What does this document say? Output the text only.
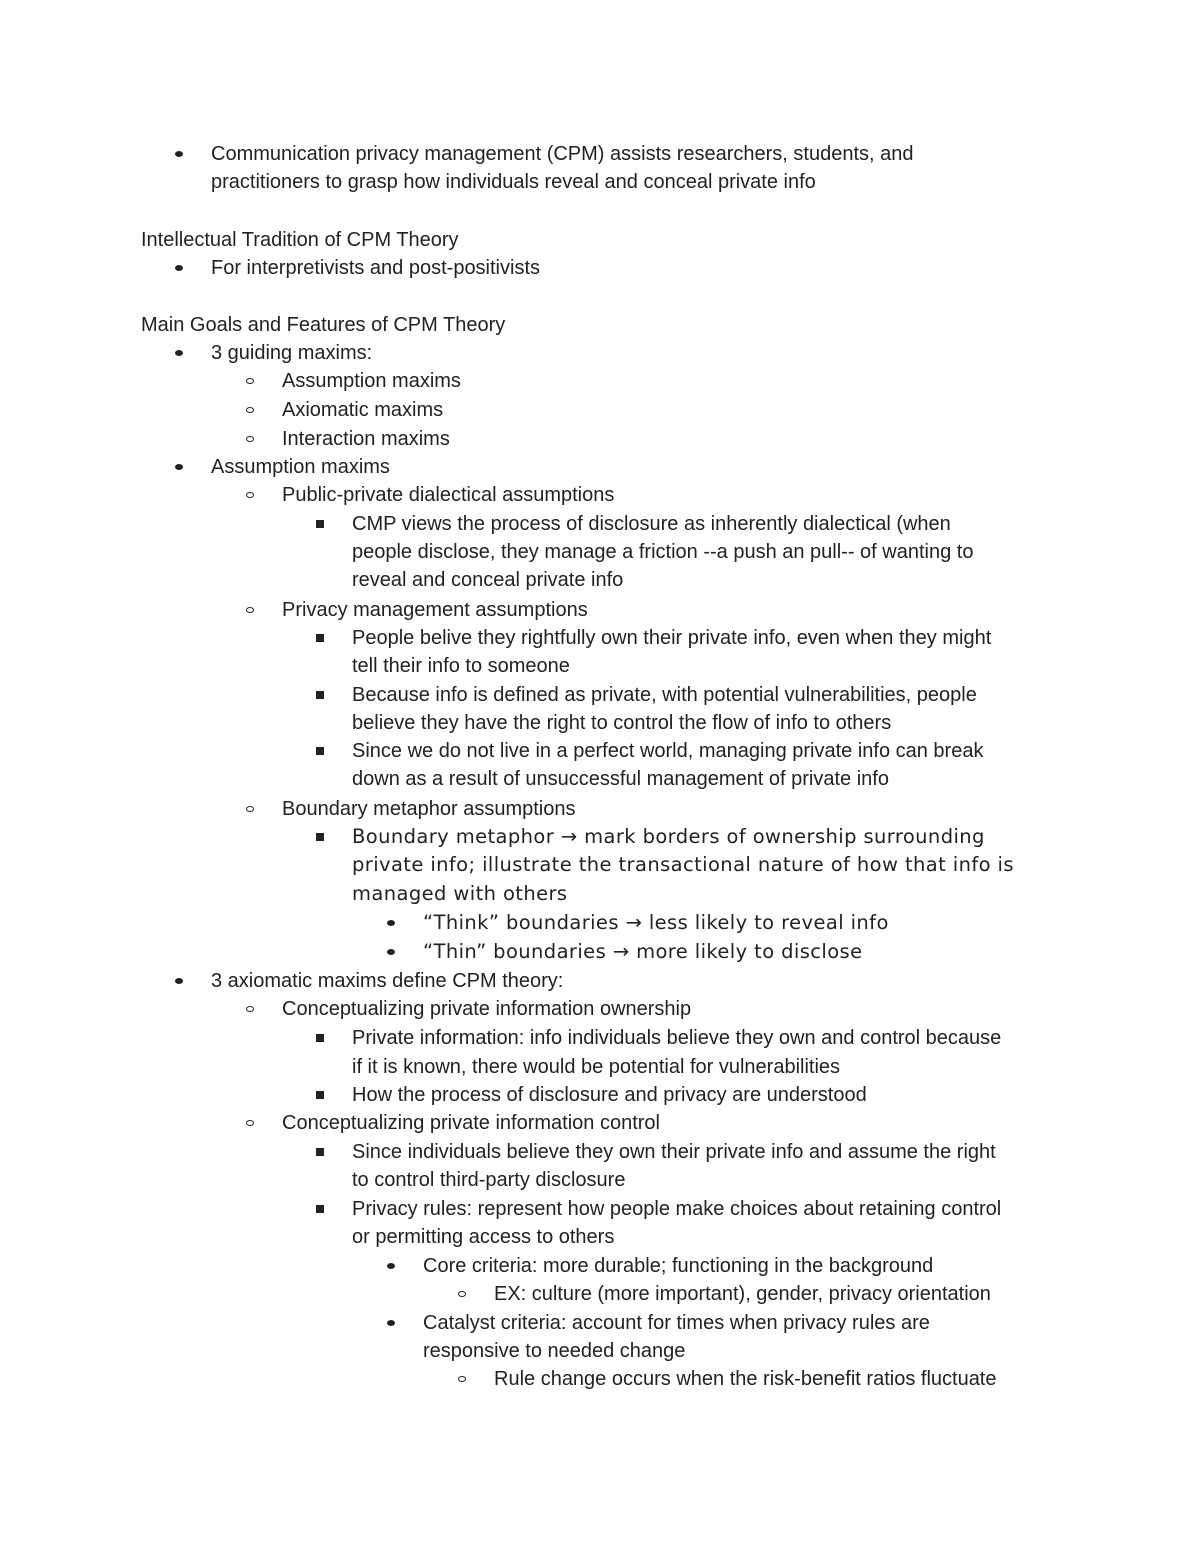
Communication privacy management (CPM) assists researchers, students, and
practitioners to grasp how individuals reveal and conceal private info
Intellectual Tradition of CPM Theory
For interpretivists and post-positivists
Main Goals and Features of CPM Theory
3 guiding maxims:
Assumption maxims
Axiomatic maxims
Interaction maxims
Assumption maxims
Public-private dialectical assumptions
CMP views the process of disclosure as inherently dialectical (when
people disclose, they manage a friction --a push an pull-- of wanting to
reveal and conceal private info
Privacy management assumptions
People belive they rightfully own their private info, even when they might
tell their info to someone
Because info is defined as private, with potential vulnerabilities, people
believe they have the right to control the flow of info to others
Since we do not live in a perfect world, managing private info can break
down as a result of unsuccessful management of private info
Boundary metaphor assumptions
Boundary metaphor → mark borders of ownership surrounding
private info; illustrate the transactional nature of how that info is
managed with others
“Think” boundaries → less likely to reveal info
“Thin” boundaries → more likely to disclose
3 axiomatic maxims define CPM theory:
Conceptualizing private information ownership
Private information: info individuals believe they own and control because
if it is known, there would be potential for vulnerabilities
How the process of disclosure and privacy are understood
Conceptualizing private information control
Since individuals believe they own their private info and assume the right
to control third-party disclosure
Privacy rules: represent how people make choices about retaining control
or permitting access to others
Core criteria: more durable; functioning in the background
EX: culture (more important), gender, privacy orientation
Catalyst criteria: account for times when privacy rules are
responsive to needed change
Rule change occurs when the risk-benefit ratios fluctuate
